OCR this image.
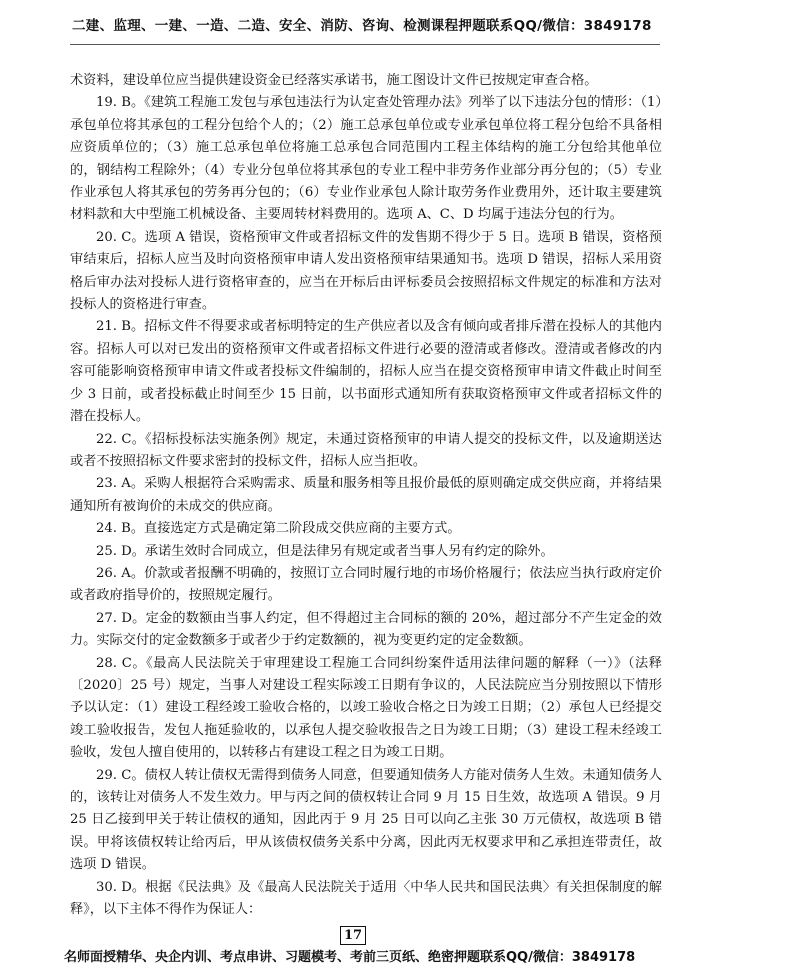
二建、监理、一建、一造、二造、安全、消防、咨询、检测课程押题联系QQ/微信：3849178

术资料，建设单位应当提供建设资金已经落实承诺书，施工图设计文件已按规定审查合格。

19. B。《建筑工程施工发包与承包违法行为认定查处管理办法》列举了以下违法分包的情形：（1）承包单位将其承包的工程分包给个人的；（2）施工总承包单位或专业承包单位将工程分包给不具备相应资质单位的；（3）施工总承包单位将施工总承包合同范围内工程主体结构的施工分包给其他单位的，钢结构工程除外；（4）专业分包单位将其承包的专业工程中非劳务作业部分再分包的；（5）专业作业承包人将其承包的劳务再分包的；（6）专业作业承包人除计取劳务作业费用外，还计取主要建筑材料款和大中型施工机械设备、主要周转材料费用的。选项 A、C、D 均属于违法分包的行为。

20. C。选项 A 错误，资格预审文件或者招标文件的发售期不得少于 5 日。选项 B 错误，资格预审结束后，招标人应当及时向资格预审申请人发出资格预审结果通知书。选项 D 错误，招标人采用资格后审办法对投标人进行资格审查的，应当在开标后由评标委员会按照招标文件规定的标准和方法对投标人的资格进行审查。

21. B。招标文件不得要求或者标明特定的生产供应者以及含有倾向或者排斥潜在投标人的其他内容。招标人可以对已发出的资格预审文件或者招标文件进行必要的澄清或者修改。澄清或者修改的内容可能影响资格预审申请文件或者投标文件编制的，招标人应当在提交资格预审申请文件截止时间至少 3 日前，或者投标截止时间至少 15 日前，以书面形式通知所有获取资格预审文件或者招标文件的潜在投标人。

22. C。《招标投标法实施条例》规定，未通过资格预审的申请人提交的投标文件，以及逾期送达或者不按照招标文件要求密封的投标文件，招标人应当拒收。

23. A。采购人根据符合采购需求、质量和服务相等且报价最低的原则确定成交供应商，并将结果通知所有被询价的未成交的供应商。

24. B。直接选定方式是确定第二阶段成交供应商的主要方式。

25. D。承诺生效时合同成立，但是法律另有规定或者当事人另有约定的除外。

26. A。价款或者报酬不明确的，按照订立合同时履行地的市场价格履行；依法应当执行政府定价或者政府指导价的，按照规定履行。

27. D。定金的数额由当事人约定，但不得超过主合同标的额的 20%，超过部分不产生定金的效力。实际交付的定金数额多于或者少于约定数额的，视为变更约定的定金数额。

28. C。《最高人民法院关于审理建设工程施工合同纠纷案件适用法律问题的解释（一）》（法释〔2020〕25 号）规定，当事人对建设工程实际竣工日期有争议的，人民法院应当分别按照以下情形予以认定：（1）建设工程经竣工验收合格的，以竣工验收合格之日为竣工日期；（2）承包人已经提交竣工验收报告，发包人拖延验收的，以承包人提交验收报告之日为竣工日期；（3）建设工程未经竣工验收，发包人擅自使用的，以转移占有建设工程之日为竣工日期。

29. C。债权人转让债权无需得到债务人同意，但要通知债务人方能对债务人生效。未通知债务人的，该转让对债务人不发生效力。甲与丙之间的债权转让合同 9 月 15 日生效，故选项 A 错误。9 月 25 日乙接到甲关于转让债权的通知，因此丙于 9 月 25 日可以向乙主张 30 万元债权，故选项 B 错误。甲将该债权转让给丙后，甲从该债权债务关系中分离，因此丙无权要求甲和乙承担连带责任，故选项 D 错误。

30. D。根据《民法典》及《最高人民法院关于适用〈中华人民共和国民法典〉有关担保制度的解释》，以下主体不得作为保证人：

17
名师面授精华、央企内训、考点串讲、习题模考、考前三页纸、绝密押题联系QQ/微信：3849178
